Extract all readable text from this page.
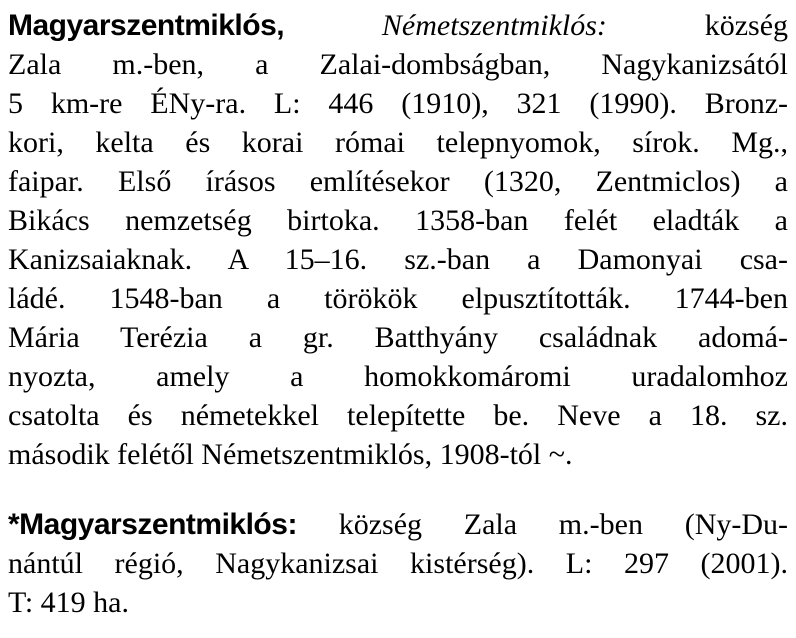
Magyarszentmiklós,	Németszentmiklós:	község
Zala m.-ben, a Zalai-dombságban, Nagykanizsától
5 km-re ÉNy-ra. L: 446 (1910), 321 (1990). Bronz-
kori, kelta és korai római telepnyomok, sírok. Mg.,
faipar. Első írásos említésekor (1320, Zentmiclos) a
Bikács nemzetség birtoka. 1358-ban felét eladták a
Kanizsaiaknak. A 15–16. sz.-ban a Damonyai csa-
ládé. 1548-ban a törökök elpusztították. 1744-ben
Mária Terézia a gr. Batthyány családnak adomá-
nyozta, amely a homokkomáromi uradalomhoz
csatolta és németekkel telepítette be. Neve a 18. sz.
második felétől Németszentmiklós, 1908-tól ~.
*Magyarszentmiklós: község Zala m.-ben (Ny-Du-
nántúl régió, Nagykanizsai kistérség). L: 297 (2001).
T: 419 ha.
